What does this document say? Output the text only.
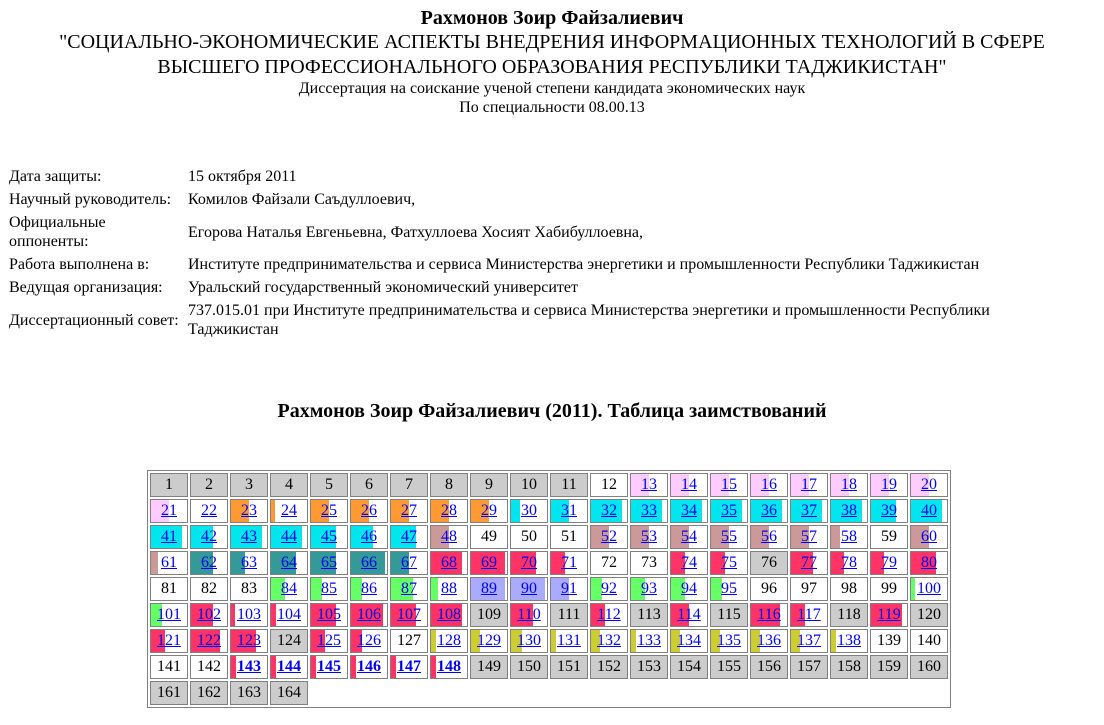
Рахмонов Зоир Файзалиевич
"СОЦИАЛЬНО-ЭКОНОМИЧЕСКИЕ АСПЕКТЫ ВНЕДРЕНИЯ ИНФОРМАЦИОННЫХ ТЕХНОЛОГИЙ В СФЕРЕ
ВЫСШЕГО ПРОФЕССИОНАЛЬНОГО ОБРАЗОВАНИЯ РЕСПУБЛИКИ ТАДЖИКИСТАН"
Диссертация на соискание ученой степени кандидата экономических наук
По специальности 08.00.13
Дата защиты:	15 октября 2011
Научный руководитель:	Комилов Файзали Саъдуллоевич,
Официальные оппоненты:	Егорова Наталья Евгеньевна, Фатхуллоева Хосият Хабибуллоевна,
Работа выполнена в:	Институте предпринимательства и сервиса Министерства энергетики и промышленности Республики Таджикистан
Ведущая организация:	Уральский государственный экономический университет
Диссертационный совет:	737.015.01 при Институте предпринимательства и сервиса Министерства энергетики и промышленности Республики Таджикистан
Рахмонов Зоир Файзалиевич (2011). Таблица заимствований
1	2	3	4	5	6	7	8	9	10	11	12	13	14	15	16	17	18	19	20

21	22	23	24	25	26	27	28	29	30	31	32	33	34	35	36	37	38	39	40

41	42	43	44	45	46	47	48	49	50	51	52	53	54	55	56	57	58	59	60

61	62	63	64	65	66	67	68	69	70	71	72	73	74	75	76	77	78	79	80
81	82	83	84	85	86	87	88	89	90	91	92	93	94	95	96	97	98	99	100

101	102	103	104	105	106	107	108	109	110	111	112	113	114	115	116	117	118	119	120

121	122	123	124	125	126	127	128	129	130	131	132	133	134	135	136	137	138	139	140
141	142	143	144	145	146	147	148	149	150	151	152	153	154	155	156	157	158	159	160
161	162	163	164																
